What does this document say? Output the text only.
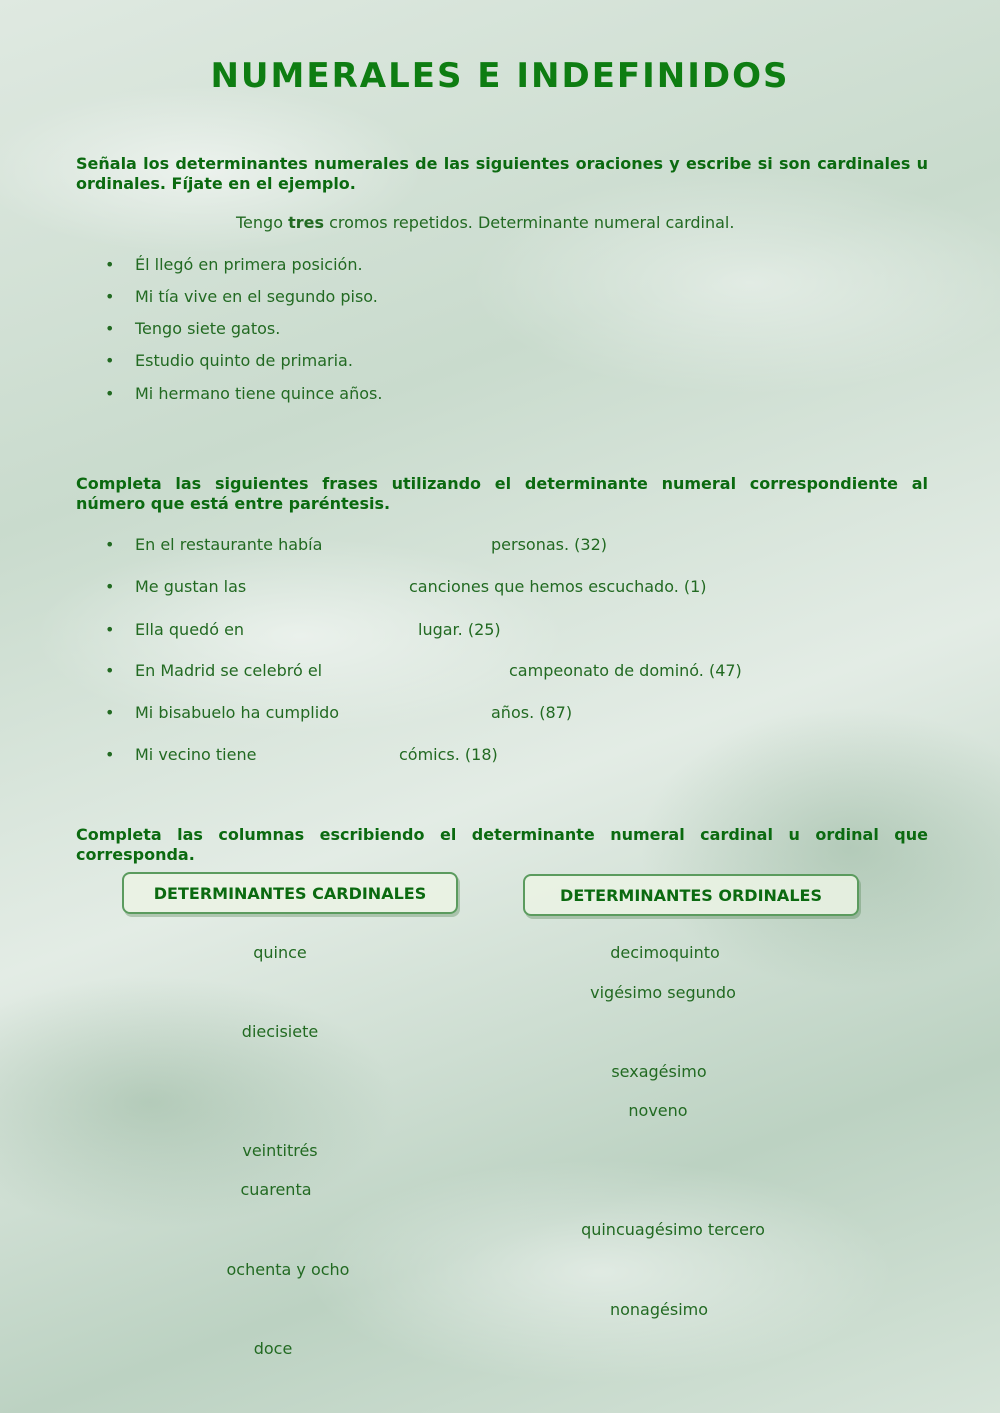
NUMERALES E INDEFINIDOS
Señala los determinantes numerales de las siguientes oraciones y escribe si son cardinales u ordinales. Fíjate en el ejemplo.
Tengo tres cromos repetidos. Determinante numeral cardinal.
• Él llegó en primera posición.
• Mi tía vive en el segundo piso.
• Tengo siete gatos.
• Estudio quinto de primaria.
• Mi hermano tiene quince años.
Completa las siguientes frases utilizando el determinante numeral correspondiente al número que está entre paréntesis.
• En el restaurante había	personas. (32)
• Me gustan las	canciones que hemos escuchado. (1)
• Ella quedó en	lugar. (25)
• En Madrid se celebró el	campeonato de dominó. (47)
• Mi bisabuelo ha cumplido	años. (87)
• Mi vecino tiene	cómics. (18)
Completa las columnas escribiendo el determinante numeral cardinal u ordinal que corresponda.
DETERMINANTES CARDINALES	DETERMINANTES ORDINALES
quince
diecisiete
veintitrés
cuarenta
ochenta y ocho
doce
decimoquinto
vigésimo segundo
sexagésimo
noveno
quincuagésimo tercero
nonagésimo
